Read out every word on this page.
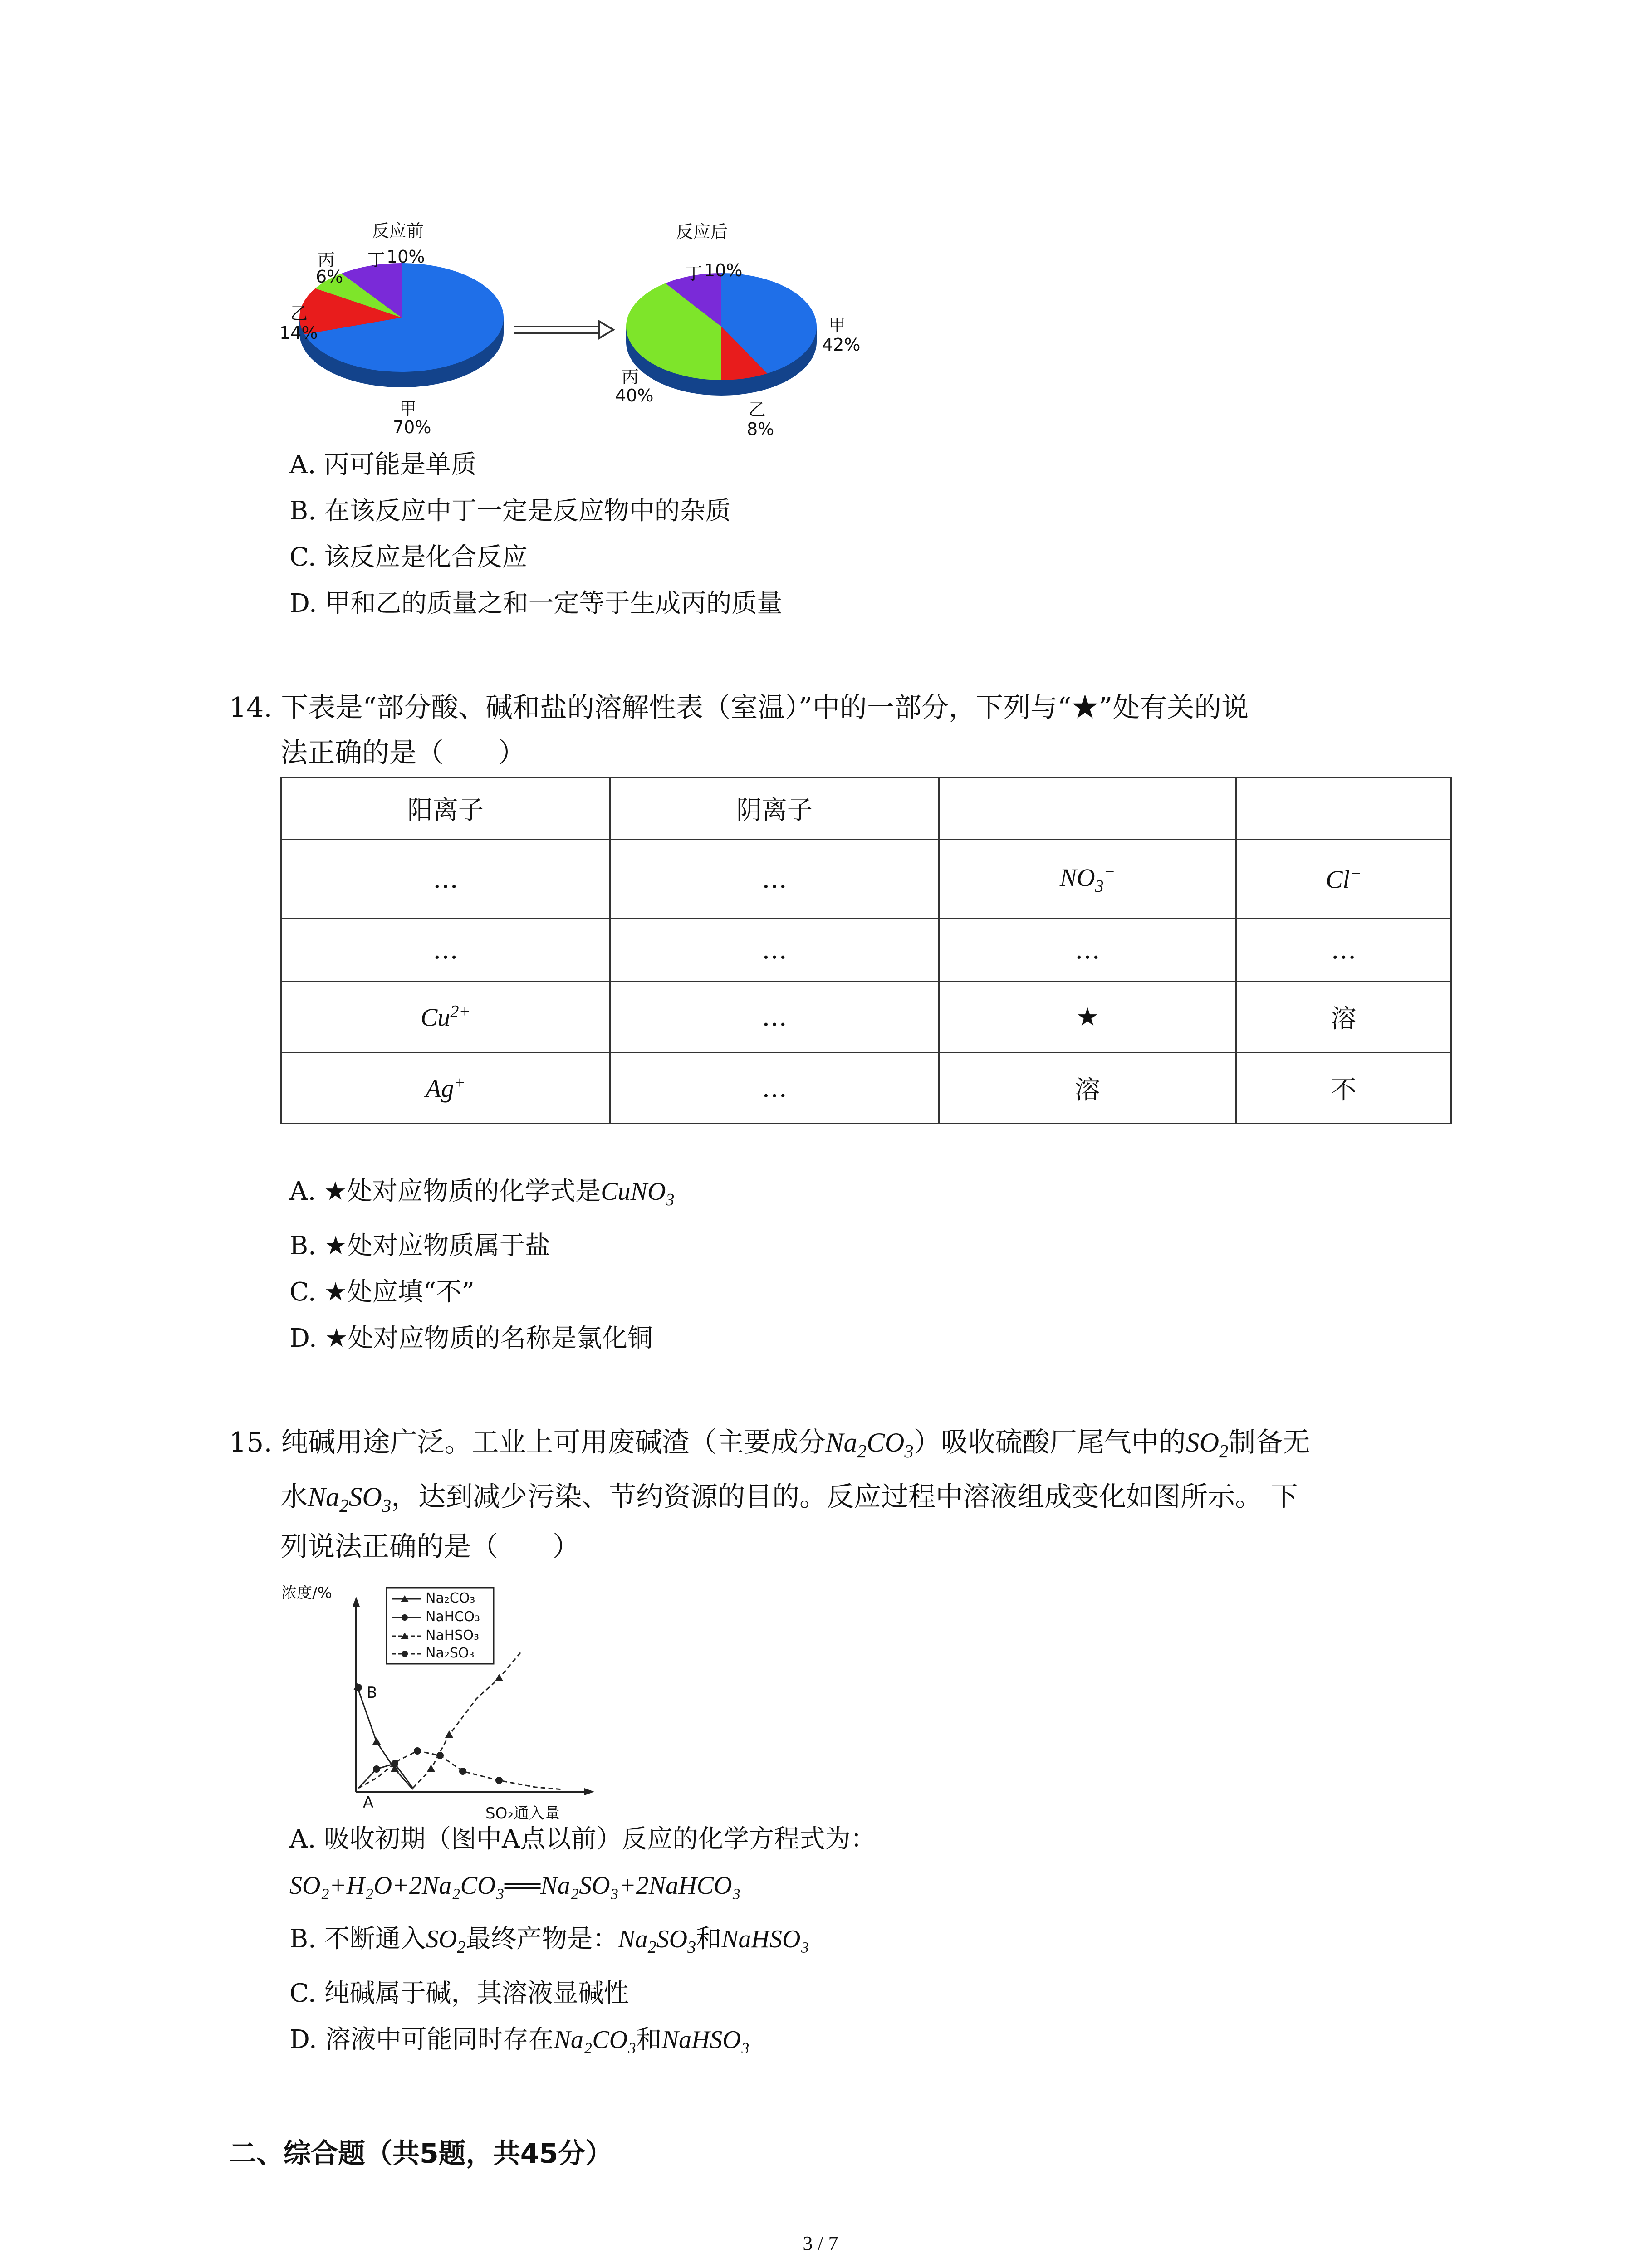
反应前	反应后
丙
6%
丁 10%
乙
14%
甲
70%
丁 10%
甲
42%
丙
40%
乙
8%
A. 丙可能是单质
B. 在该反应中丁一定是反应物中的杂质
C. 该反应是化合反应
D. 甲和乙的质量之和一定等于生成丙的质量
14. 下表是“部分酸、碱和盐的溶解性表（室温）”中的一部分，下列与“★”处有关的说
法正确的是（　　）
阳离子	阴离子		
…	…	$NO_3^-$	Cl−
…	…	…	…
$Cu^{2+}$	…	★	溶
Ag+	…	溶	不
A. ★处对应物质的化学式是CuNO$_3$
B. ★处对应物质属于盐
C. ★处应填“不”
D. ★处对应物质的名称是氯化铜
15. 纯碱用途广泛。工业上可用废碱渣（主要成分$Na_2CO_3$）吸收硫酸厂尾气中的$SO_2$制备无
水$Na_2SO_3$，达到减少污染、节约资源的目的。反应过程中溶液组成变化如图所示。 下
列说法正确的是（　　）
浓度/%
SO₂通入量
A
B
Na₂CO₃
NaHCO₃
NaHSO₃
Na₂SO₃
A. 吸收初期（图中A点以前）反应的化学方程式为：
SO₂+H₂O+2Na₂CO₃══Na₂SO₃+2NaHCO₃
B. 不断通入$SO_2$最终产物是：$Na_2SO_3$和NaHSO₃
C. 纯碱属于碱，其溶液显碱性
D. 溶液中可能同时存在Na₂CO₃和NaHSO₃
二、综合题（共5题，共45分）
3 / 7
